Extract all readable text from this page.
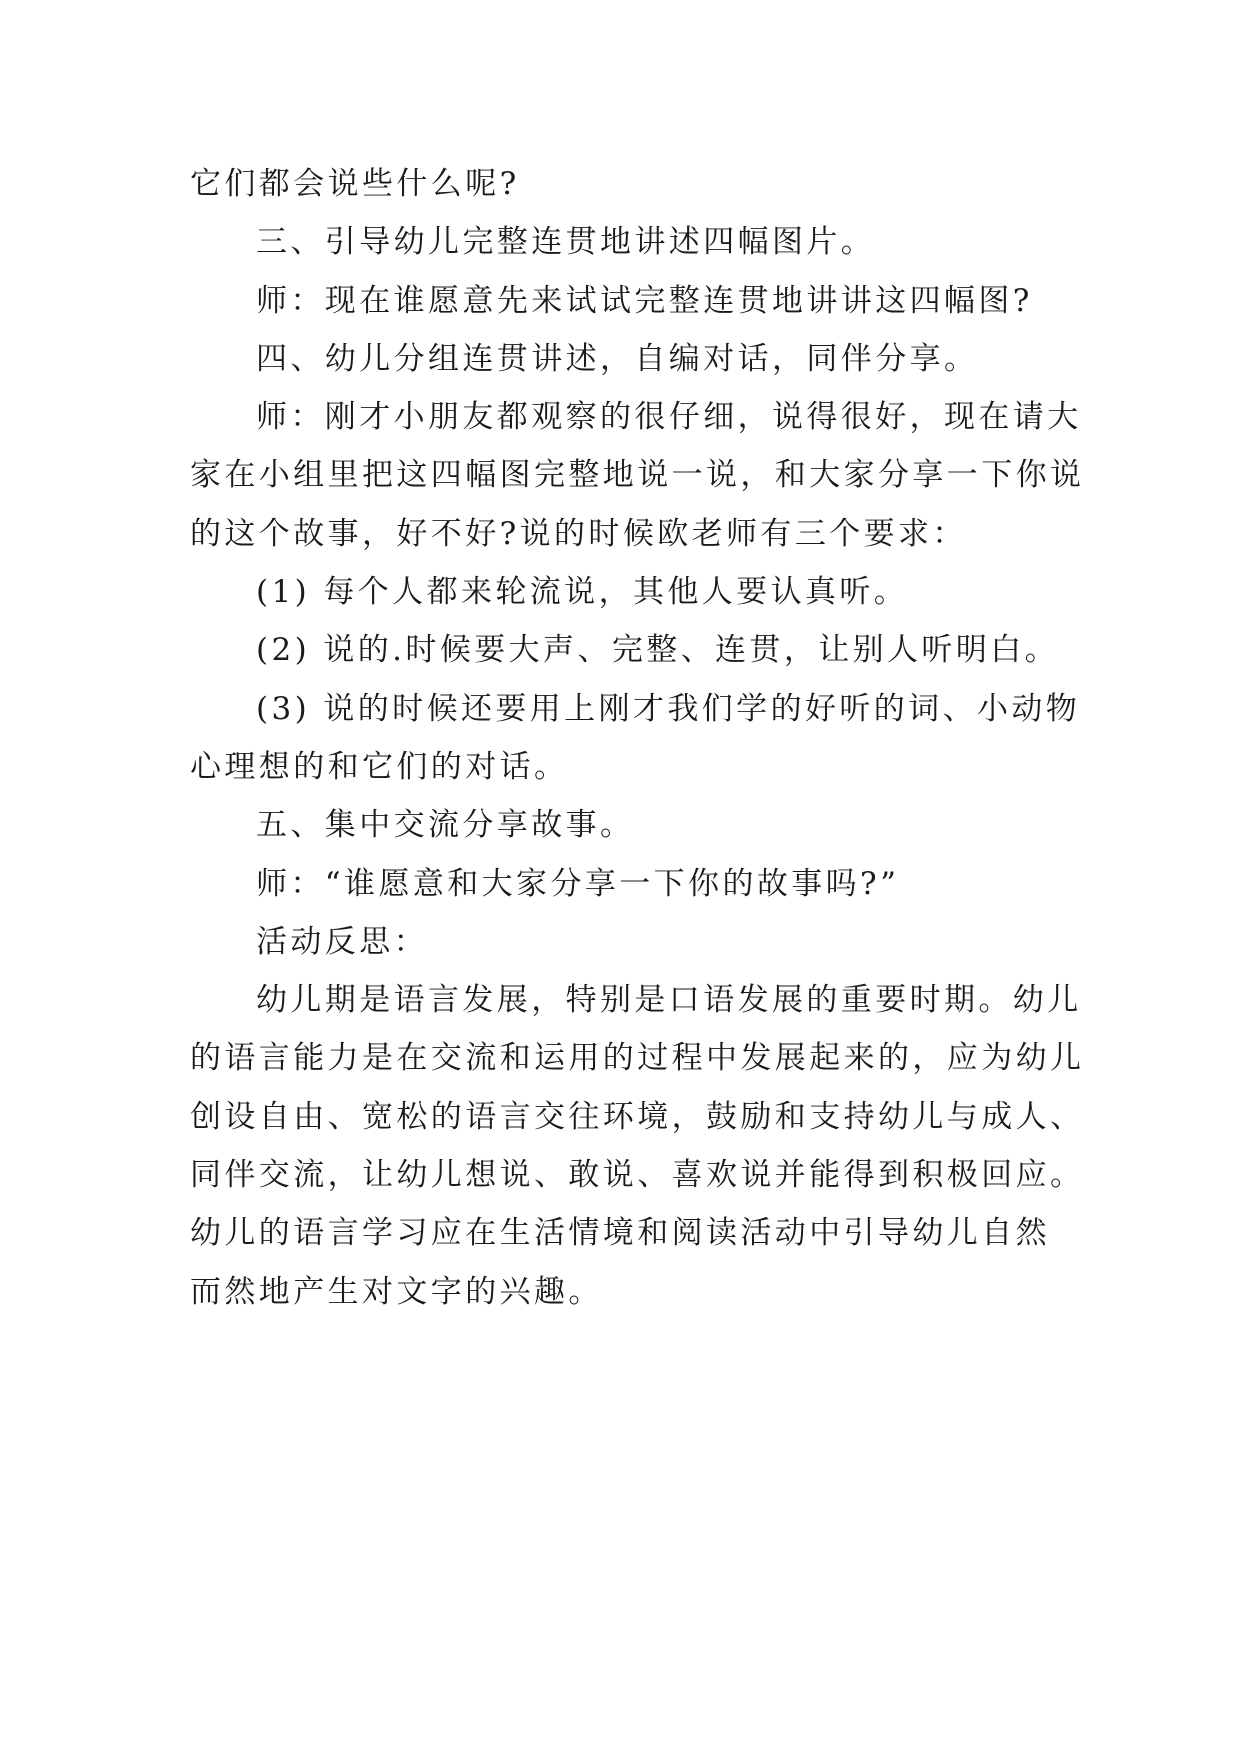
它们都会说些什么呢?
三、引导幼儿完整连贯地讲述四幅图片。
师：现在谁愿意先来试试完整连贯地讲讲这四幅图?
四、幼儿分组连贯讲述，自编对话，同伴分享。
师：刚才小朋友都观察的很仔细，说得很好，现在请大
家在小组里把这四幅图完整地说一说，和大家分享一下你说
的这个故事，好不好?说的时候欧老师有三个要求：
(1) 每个人都来轮流说，其他人要认真听。
(2) 说的.时候要大声、完整、连贯，让别人听明白。
(3) 说的时候还要用上刚才我们学的好听的词、小动物
心理想的和它们的对话。
五、集中交流分享故事。
师：“谁愿意和大家分享一下你的故事吗?”
活动反思：
幼儿期是语言发展，特别是口语发展的重要时期。幼儿
的语言能力是在交流和运用的过程中发展起来的，应为幼儿
创设自由、宽松的语言交往环境，鼓励和支持幼儿与成人、
同伴交流，让幼儿想说、敢说、喜欢说并能得到积极回应。
幼儿的语言学习应在生活情境和阅读活动中引导幼儿自然
而然地产生对文字的兴趣。
